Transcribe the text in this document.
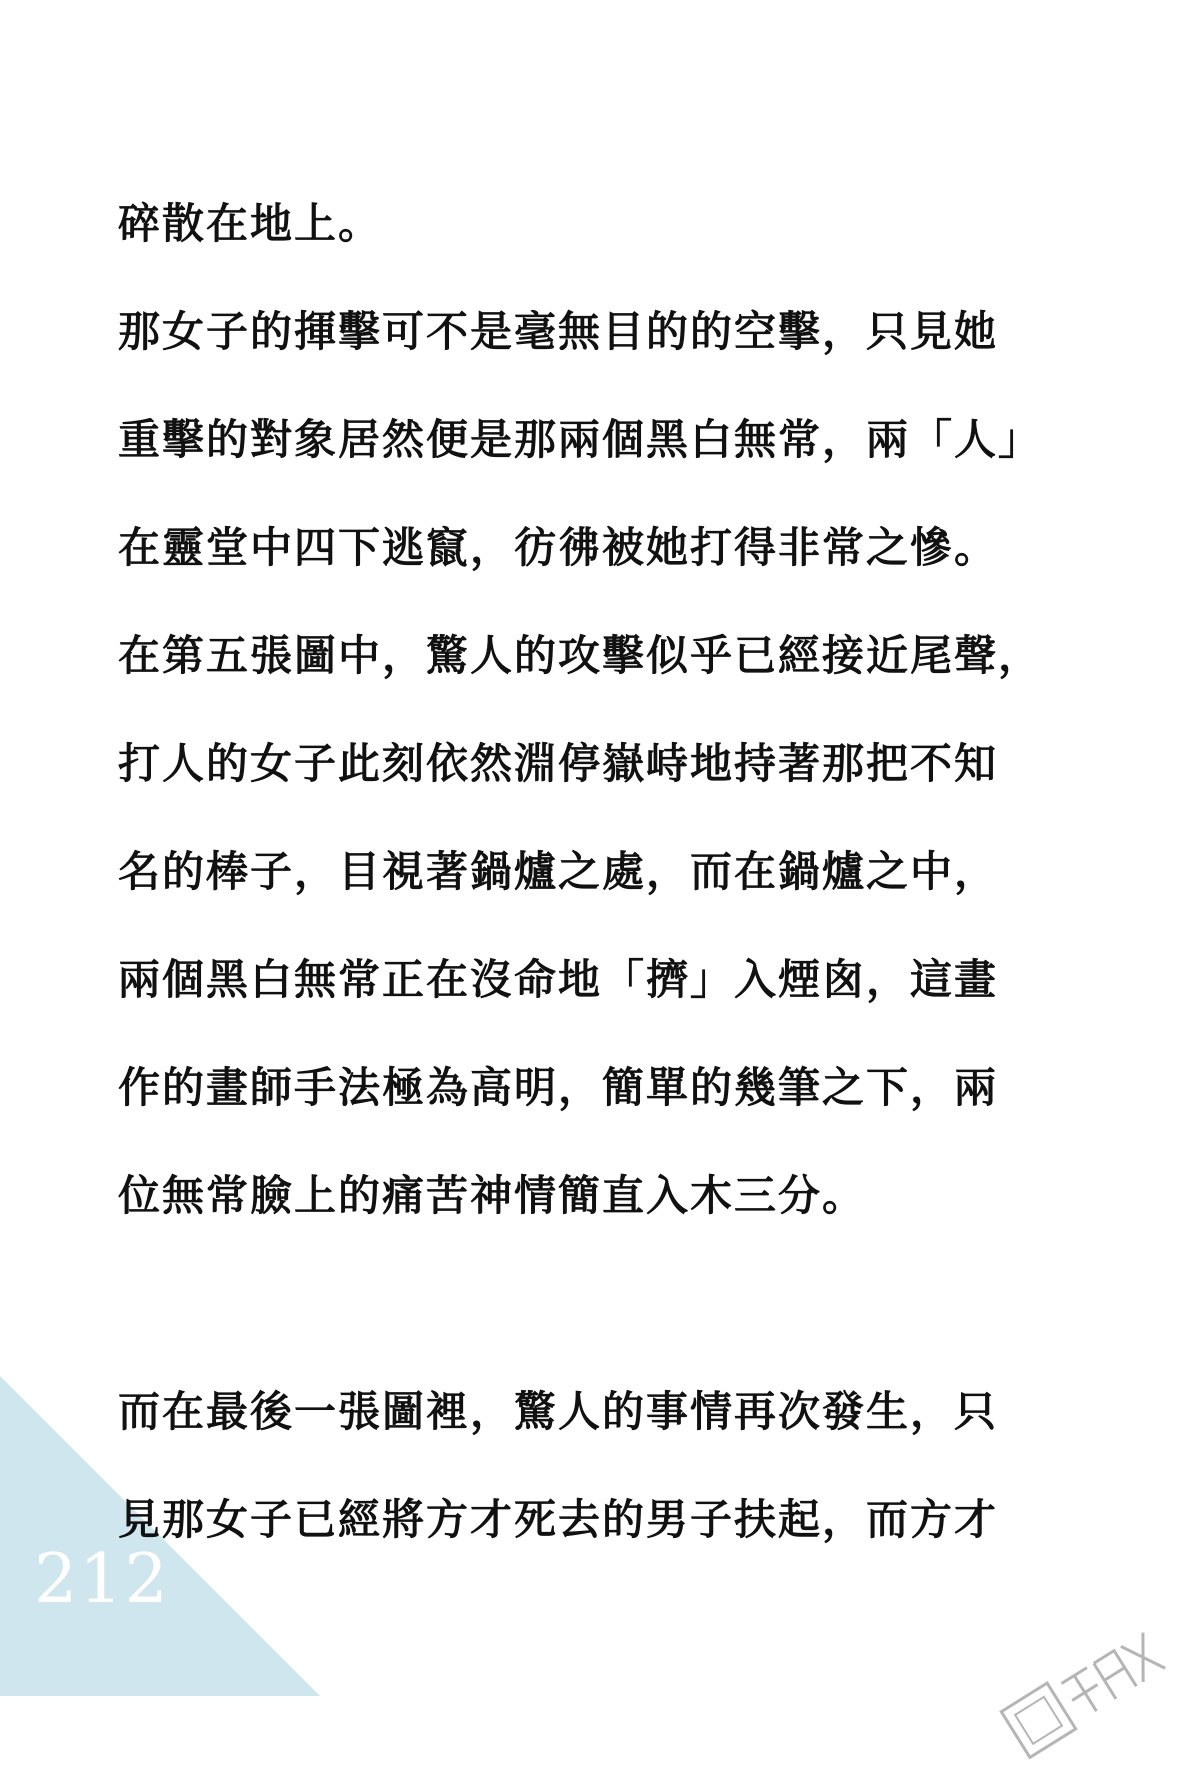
碎散在地上。
那女子的揮擊可不是毫無目的的空擊，只見她
重擊的對象居然便是那兩個黑白無常，兩「人」
在靈堂中四下逃竄，彷彿被她打得非常之慘。
在第五張圖中，驚人的攻擊似乎已經接近尾聲，
打人的女子此刻依然淵停嶽峙地持著那把不知
名的棒子，目視著鍋爐之處，而在鍋爐之中，
兩個黑白無常正在沒命地「擠」入煙囪，這畫
作的畫師手法極為高明，簡單的幾筆之下，兩
位無常臉上的痛苦神情簡直入木三分。
而在最後一張圖裡，驚人的事情再次發生，只
見那女子已經將方才死去的男子扶起，而方才
212
